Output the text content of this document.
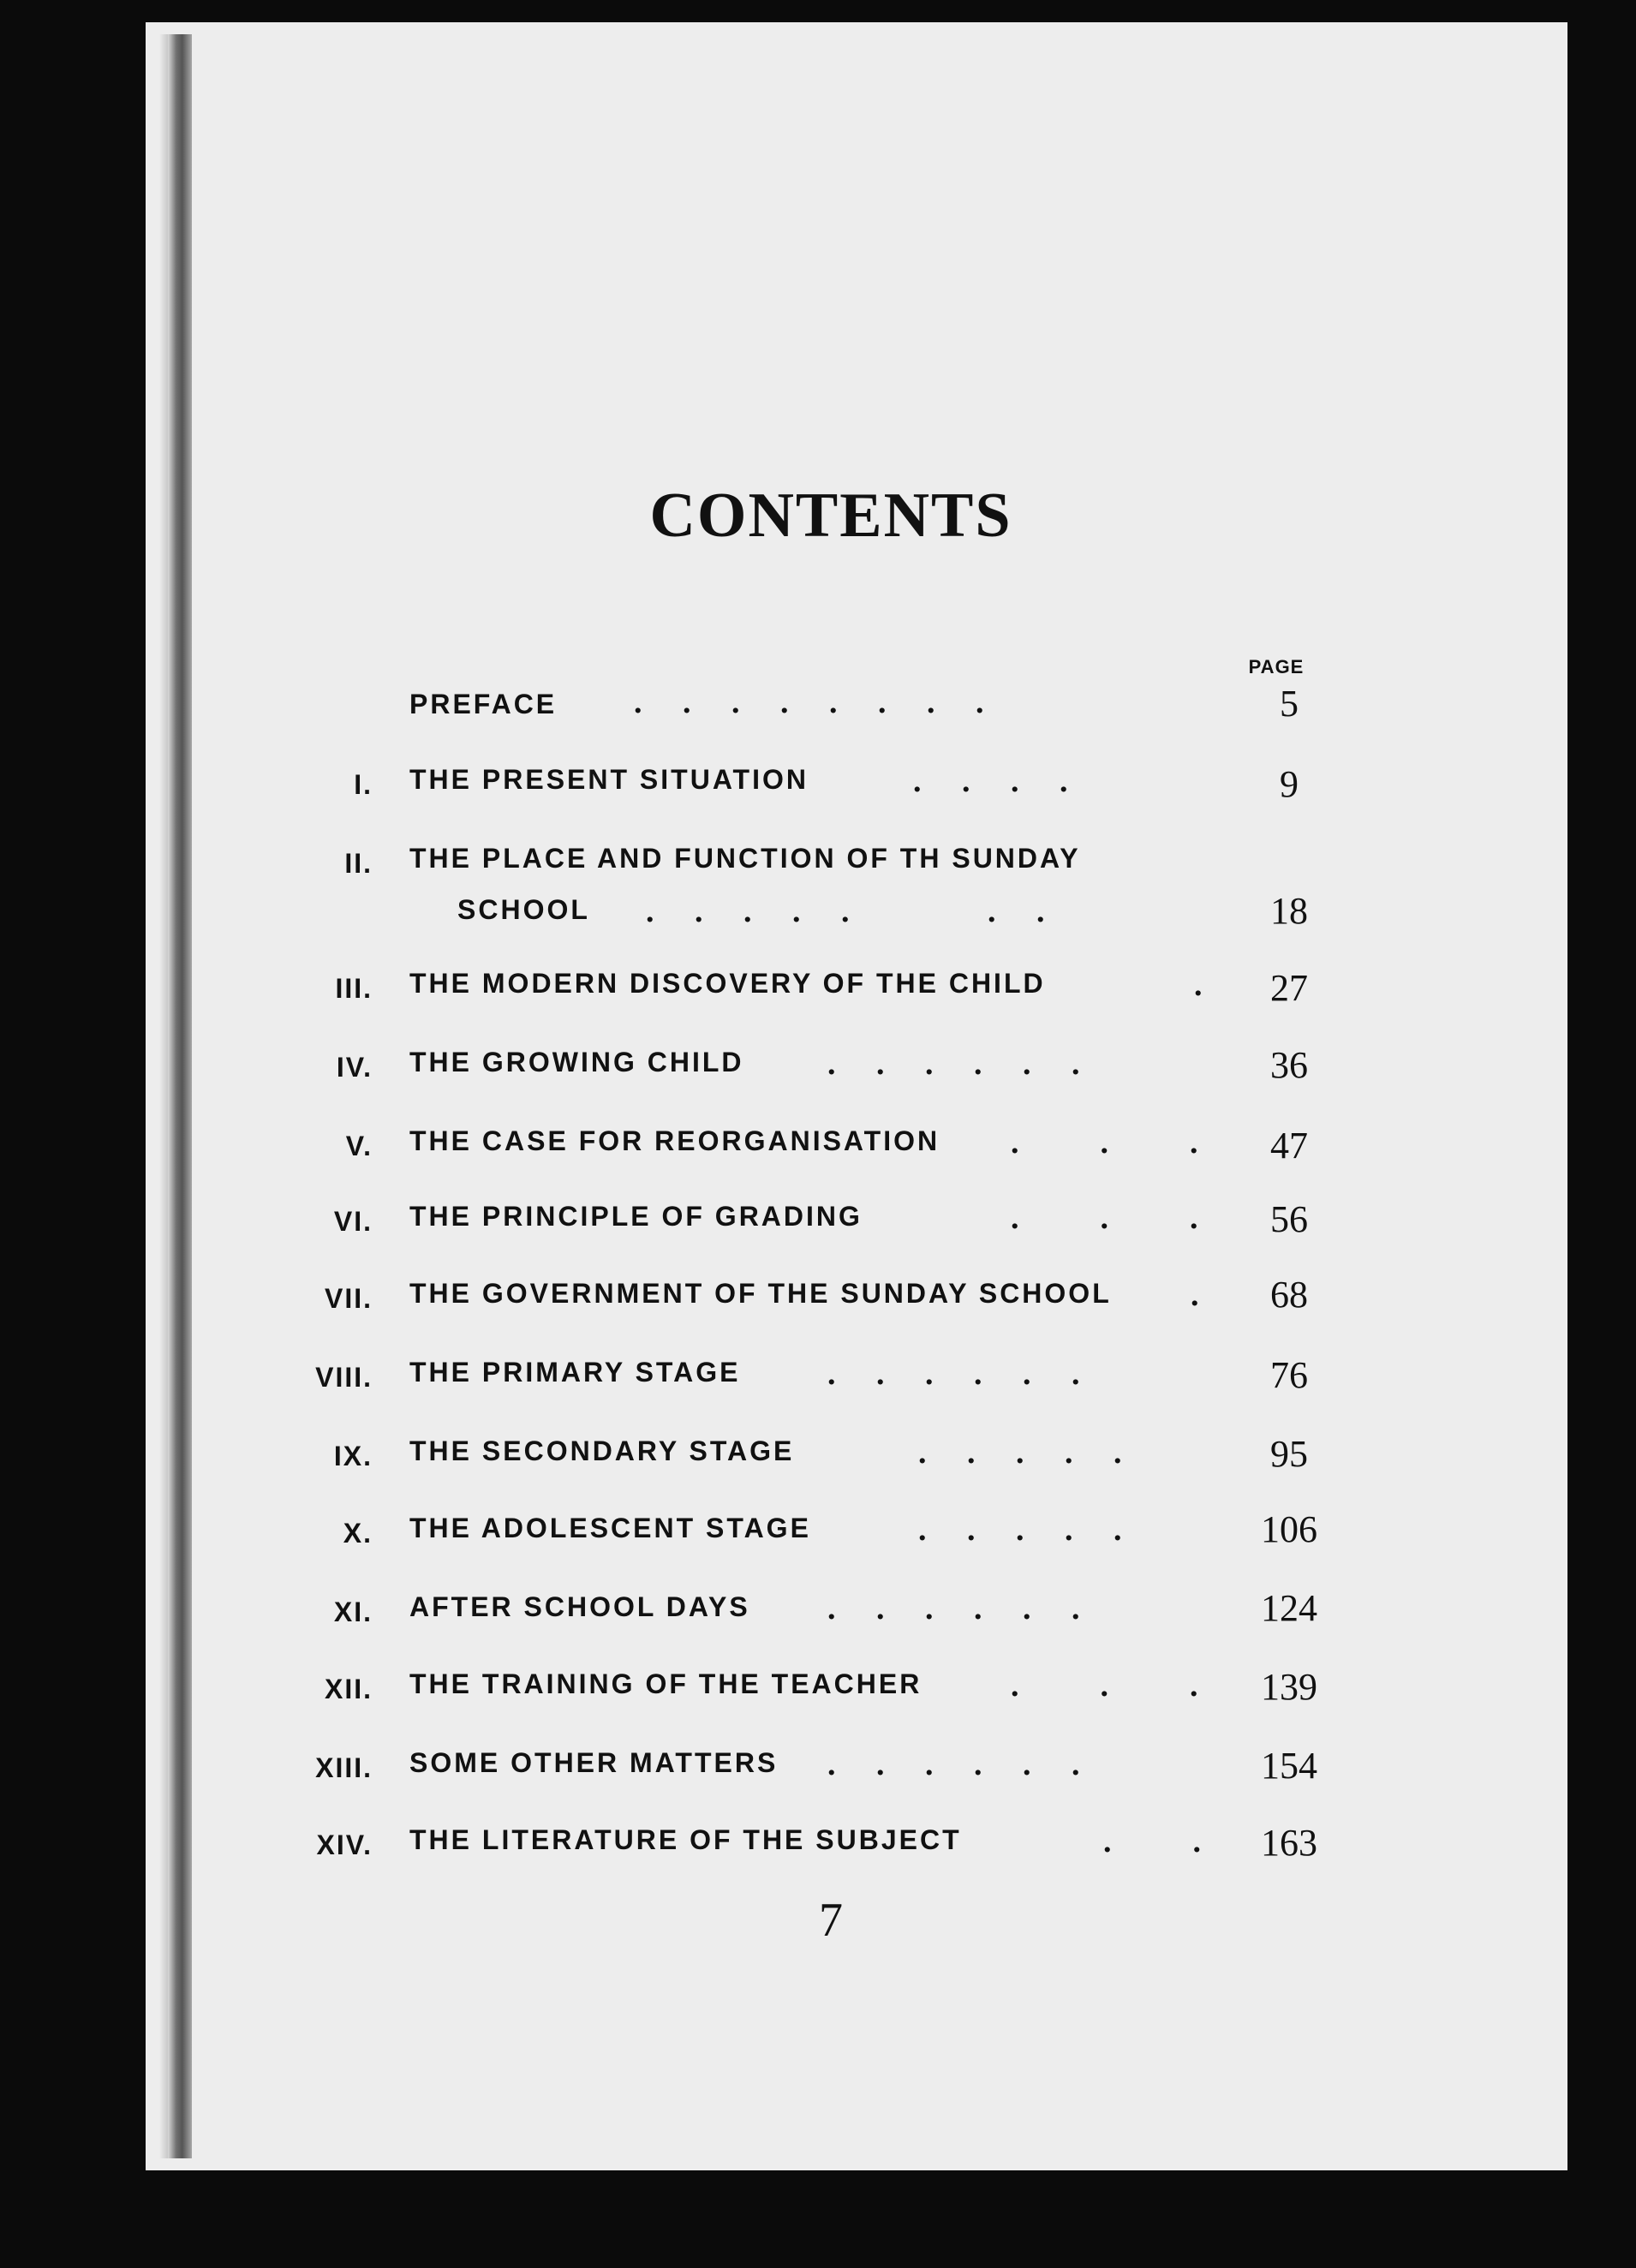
CONTENTS
PAGE
PREFACE .     .     .     .     .     .     .     .	5
I. THE PRESENT SITUATION	.     .     .     .	9
II. THE PLACE AND FUNCTION OF TH SUNDAY
SCHOOL .     .     .     .     .                 .     .	18
III. THE MODERN DISCOVERY OF THE CHILD	.	27
IV. THE GROWING CHILD	.     .     .     .     .     .	36
V. THE CASE FOR REORGANISATION .          .          .	47
VI. THE PRINCIPLE OF GRADING	.          .          .	56
VII. THE GOVERNMENT OF THE SUNDAY SCHOOL .	68
VIII. THE PRIMARY STAGE	.     .     .     .     .     .	76
IX. THE SECONDARY STAGE	.     .     .     .     .	95
X. THE ADOLESCENT STAGE	.     .     .     .     .	106
XI. AFTER SCHOOL DAYS .     .     .     .     .     .	124
XII. THE TRAINING OF THE TEACHER	.          .          .	139
XIII. SOME OTHER MATTERS .     .     .     .     .     .	154
XIV. THE LITERATURE OF THE SUBJECT	.          .	163
7
